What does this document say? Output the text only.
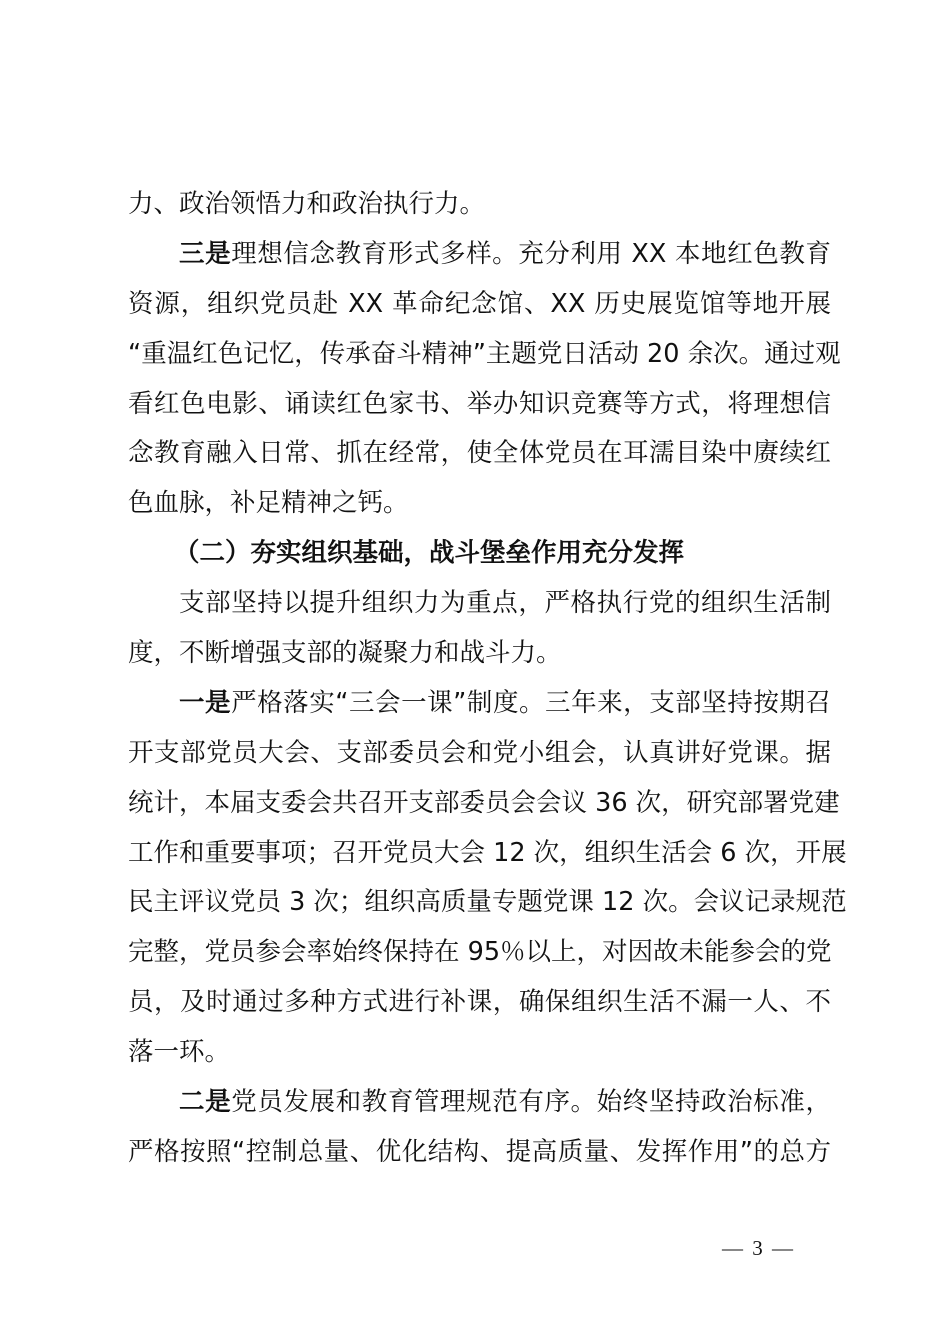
力、政治领悟力和政治执行力。
三是理想信念教育形式多样。充分利用 XX 本地红色教育
资源，组织党员赴 XX 革命纪念馆、XX 历史展览馆等地开展
“重温红色记忆，传承奋斗精神”主题党日活动 20 余次。通过观
看红色电影、诵读红色家书、举办知识竞赛等方式，将理想信
念教育融入日常、抓在经常，使全体党员在耳濡目染中赓续红
色血脉，补足精神之钙。
（二）夯实组织基础，战斗堡垒作用充分发挥
支部坚持以提升组织力为重点，严格执行党的组织生活制
度，不断增强支部的凝聚力和战斗力。
一是严格落实“三会一课”制度。三年来，支部坚持按期召
开支部党员大会、支部委员会和党小组会，认真讲好党课。据
统计，本届支委会共召开支部委员会会议 36 次，研究部署党建
工作和重要事项；召开党员大会 12 次，组织生活会 6 次，开展
民主评议党员 3 次；组织高质量专题党课 12 次。会议记录规范
完整，党员参会率始终保持在 95％以上，对因故未能参会的党
员，及时通过多种方式进行补课，确保组织生活不漏一人、不
落一环。
二是党员发展和教育管理规范有序。始终坚持政治标准，
严格按照“控制总量、优化结构、提高质量、发挥作用”的总方
— 3 —
